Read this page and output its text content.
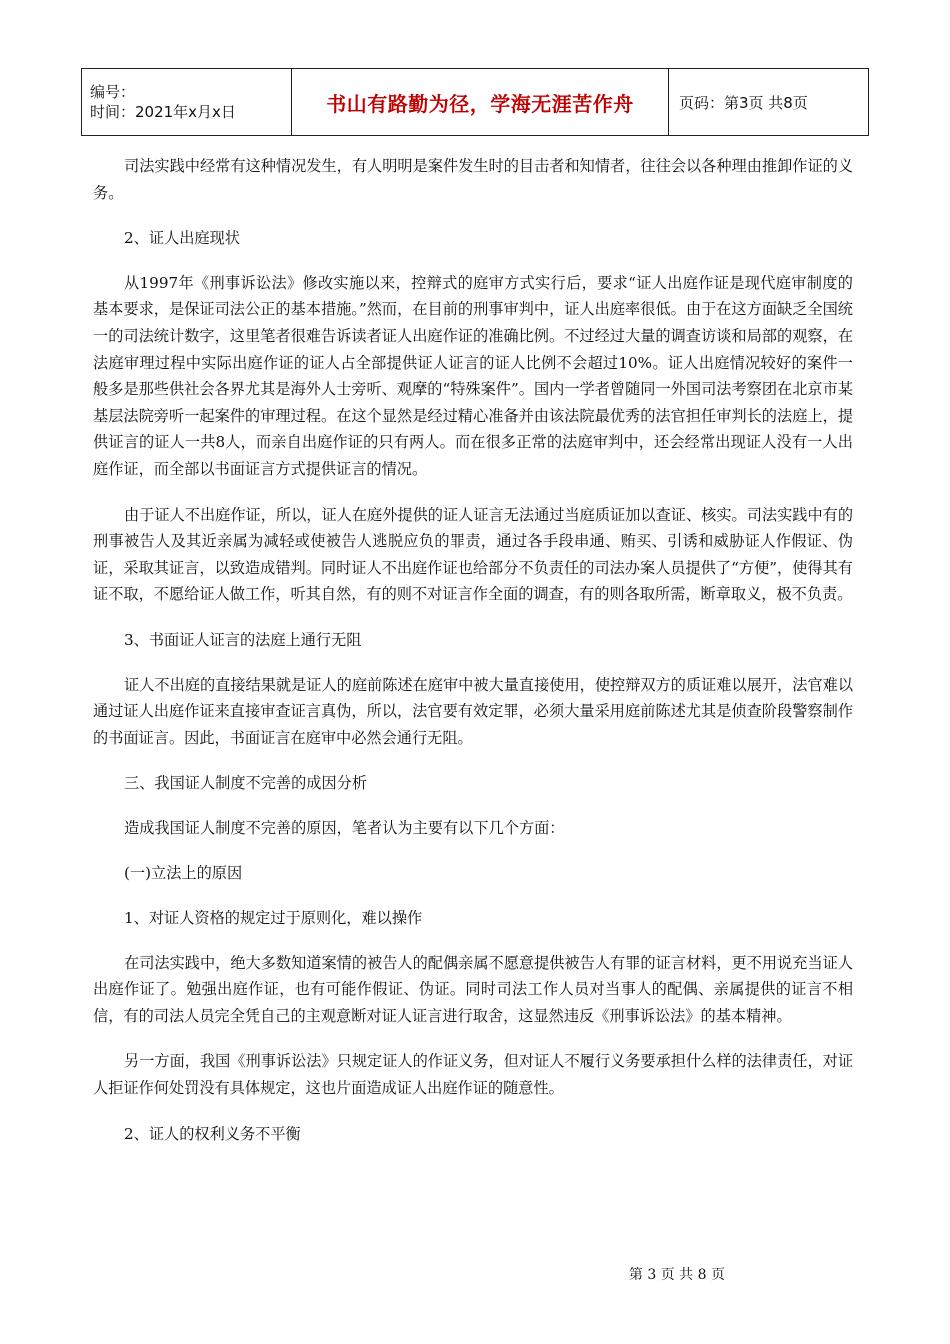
编号：
时间：2021年x月x日	书山有路勤为径，学海无涯苦作舟	页码：第3页 共8页

司法实践中经常有这种情况发生，有人明明是案件发生时的目击者和知情者，往往会以各种理由推卸作证的义务。

2、证人出庭现状

从1997年《刑事诉讼法》修改实施以来，控辩式的庭审方式实行后，要求“证人出庭作证是现代庭审制度的基本要求，是保证司法公正的基本措施。”然而，在目前的刑事审判中，证人出庭率很低。由于在这方面缺乏全国统一的司法统计数字，这里笔者很难告诉读者证人出庭作证的准确比例。不过经过大量的调查访谈和局部的观察，在法庭审理过程中实际出庭作证的证人占全部提供证人证言的证人比例不会超过10%。证人出庭情况较好的案件一般多是那些供社会各界尤其是海外人士旁听、观摩的“特殊案件”。国内一学者曾随同一外国司法考察团在北京市某基层法院旁听一起案件的审理过程。在这个显然是经过精心准备并由该法院最优秀的法官担任审判长的法庭上，提供证言的证人一共8人，而亲自出庭作证的只有两人。而在很多正常的法庭审判中，还会经常出现证人没有一人出庭作证，而全部以书面证言方式提供证言的情况。

由于证人不出庭作证，所以，证人在庭外提供的证人证言无法通过当庭质证加以查证、核实。司法实践中有的刑事被告人及其近亲属为减轻或使被告人逃脱应负的罪责，通过各手段串通、贿买、引诱和威胁证人作假证、伪证，采取其证言，以致造成错判。同时证人不出庭作证也给部分不负责任的司法办案人员提供了“方便”，使得其有证不取，不愿给证人做工作，听其自然，有的则不对证言作全面的调查，有的则各取所需，断章取义，极不负责。

3、书面证人证言的法庭上通行无阻

证人不出庭的直接结果就是证人的庭前陈述在庭审中被大量直接使用，使控辩双方的质证难以展开，法官难以通过证人出庭作证来直接审查证言真伪，所以，法官要有效定罪，必须大量采用庭前陈述尤其是侦查阶段警察制作的书面证言。因此，书面证言在庭审中必然会通行无阻。

三、我国证人制度不完善的成因分析

造成我国证人制度不完善的原因，笔者认为主要有以下几个方面：

(一)立法上的原因

1、对证人资格的规定过于原则化，难以操作

在司法实践中，绝大多数知道案情的被告人的配偶亲属不愿意提供被告人有罪的证言材料，更不用说充当证人出庭作证了。勉强出庭作证，也有可能作假证、伪证。同时司法工作人员对当事人的配偶、亲属提供的证言不相信，有的司法人员完全凭自己的主观意断对证人证言进行取舍，这显然违反《刑事诉讼法》的基本精神。

另一方面，我国《刑事诉讼法》只规定证人的作证义务，但对证人不履行义务要承担什么样的法律责任，对证人拒证作何处罚没有具体规定，这也片面造成证人出庭作证的随意性。

2、证人的权利义务不平衡

第 3 页 共 8 页
